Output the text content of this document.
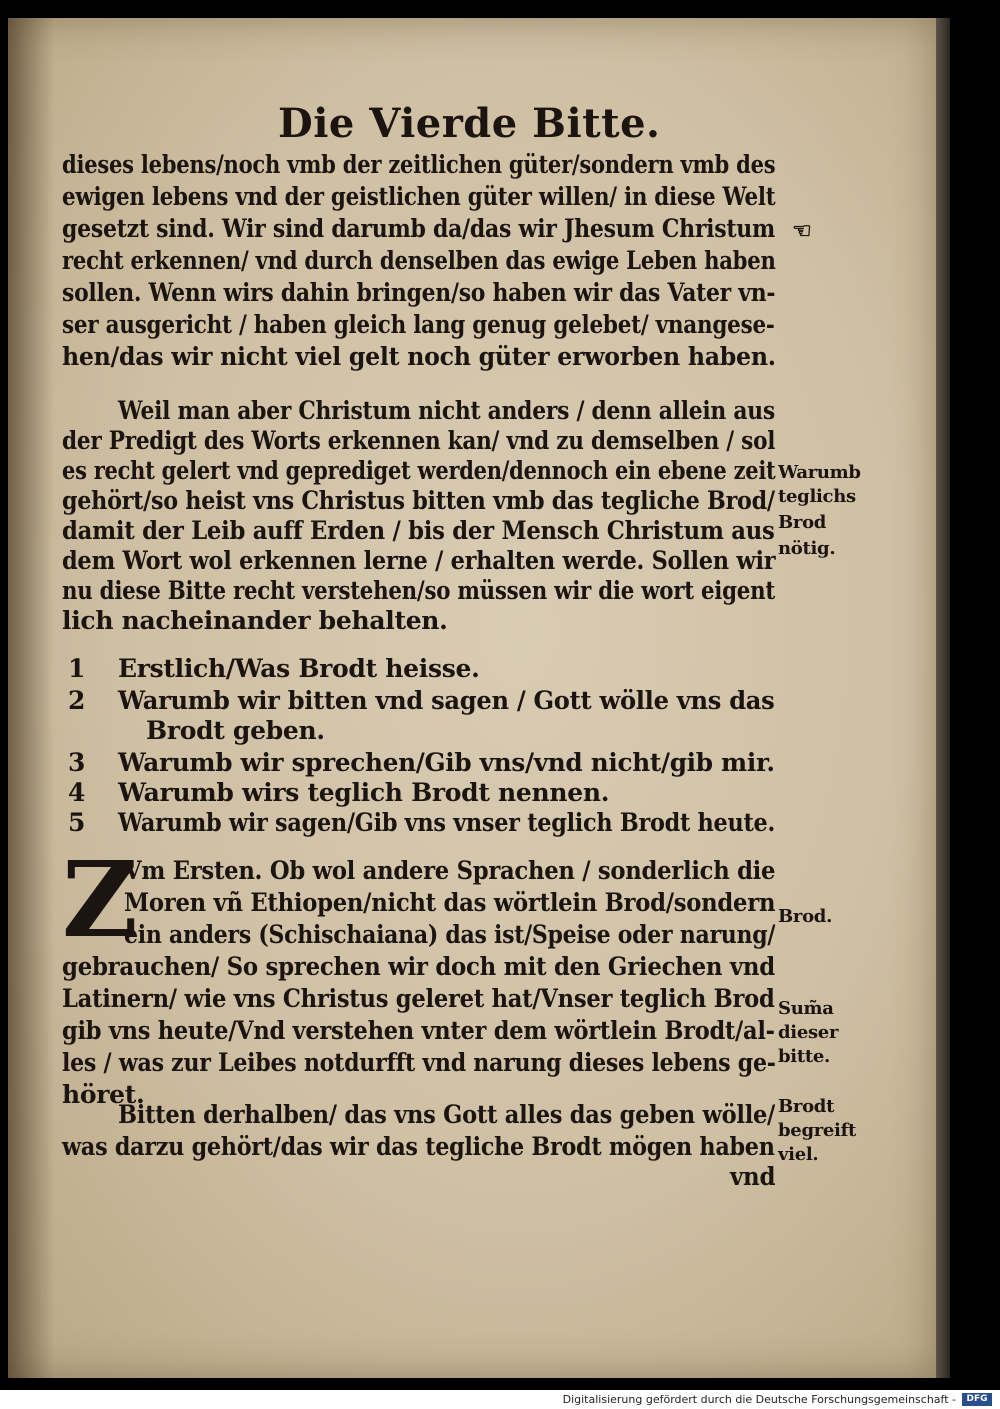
Die Vierde Bitte.
dieses lebens/noch vmb der zeitlichen güter/sondern vmb des
ewigen lebens vnd der geistlichen güter willen/ in diese Welt
gesetzt sind. Wir sind darumb da/das wir Jhesum Christum
recht erkennen/ vnd durch denselben das ewige Leben haben
sollen. Wenn wirs dahin bringen/so haben wir das Vater vn-
ser ausgericht / haben gleich lang genug gelebet/ vnangese-
hen/das wir nicht viel gelt noch güter erworben haben.
☜
Weil man aber Christum nicht anders / denn allein aus
der Predigt des Worts erkennen kan/ vnd zu demselben / sol
es recht gelert vnd geprediget werden/dennoch ein ebene zeit
gehört/so heist vns Christus bitten vmb das tegliche Brod/
damit der Leib auff Erden / bis der Mensch Christum aus
dem Wort wol erkennen lerne / erhalten werde. Sollen wir
nu diese Bitte recht verstehen/so müssen wir die wort eigent
lich nacheinander behalten.
Warumb
teglichs
Brod
nötig.
1 Erstlich/Was Brodt heisse.
2 Warumb wir bitten vnd sagen / Gott wölle vns das
Brodt geben.
3 Warumb wir sprechen/Gib vns/vnd nicht/gib mir.
4 Warumb wirs teglich Brodt nennen.
5 Warumb wir sagen/Gib vns vnser teglich Brodt heute.
Z
Vm Ersten. Ob wol andere Sprachen / sonderlich die
Moren vñ Ethiopen/nicht das wörtlein Brod/sondern
ein anders (Schischaiana) das ist/Speise oder narung/
gebrauchen/ So sprechen wir doch mit den Griechen vnd
Latinern/ wie vns Christus geleret hat/Vnser teglich Brod
gib vns heute/Vnd verstehen vnter dem wörtlein Brodt/al-
les / was zur Leibes notdurfft vnd narung dieses lebens ge-
höret.
Brod.
Sum̃a
dieser
bitte.
Bitten derhalben/ das vns Gott alles das geben wölle/
was darzu gehört/das wir das tegliche Brodt mögen haben
vnd
Brodt
begreift
viel.
Digitalisierung gefördert durch die Deutsche Forschungsgemeinschaft -	DFG
